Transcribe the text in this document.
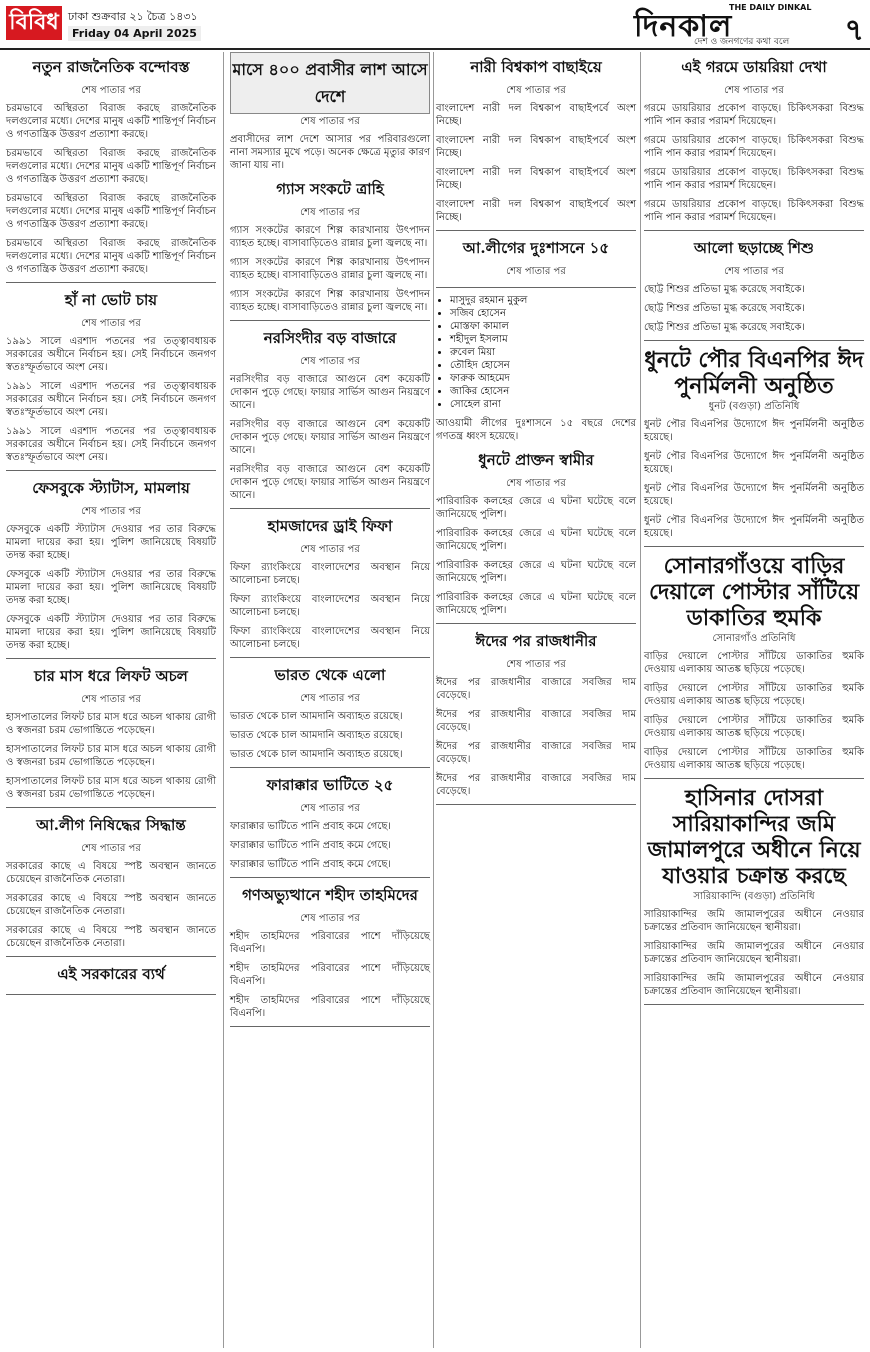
বিবিধ ঢাকা শুক্রবার ২১ চৈত্র ১৪৩১
Friday 04 April 2025	দিনকাল
THE DAILY DINKAL
দেশ ও জনগণের কথা বলে ৭
নতুন রাজনৈতিক বন্দোবস্ত
শেষ পাতার পর

চরমভাবে অস্থিরতা বিরাজ করছে রাজনৈতিক দলগুলোর মধ্যে। দেশের মানুষ একটি শান্তিপূর্ণ নির্বাচন ও গণতান্ত্রিক উত্তরণ প্রত্যাশা করছে।

চরমভাবে অস্থিরতা বিরাজ করছে রাজনৈতিক দলগুলোর মধ্যে। দেশের মানুষ একটি শান্তিপূর্ণ নির্বাচন ও গণতান্ত্রিক উত্তরণ প্রত্যাশা করছে।

চরমভাবে অস্থিরতা বিরাজ করছে রাজনৈতিক দলগুলোর মধ্যে। দেশের মানুষ একটি শান্তিপূর্ণ নির্বাচন ও গণতান্ত্রিক উত্তরণ প্রত্যাশা করছে।

চরমভাবে অস্থিরতা বিরাজ করছে রাজনৈতিক দলগুলোর মধ্যে। দেশের মানুষ একটি শান্তিপূর্ণ নির্বাচন ও গণতান্ত্রিক উত্তরণ প্রত্যাশা করছে।

হাঁ না ভোট চায়
শেষ পাতার পর

১৯৯১ সালে এরশাদ পতনের পর তত্ত্বাবধায়ক সরকারের অধীনে নির্বাচন হয়। সেই নির্বাচনে জনগণ স্বতঃস্ফূর্তভাবে অংশ নেয়।

১৯৯১ সালে এরশাদ পতনের পর তত্ত্বাবধায়ক সরকারের অধীনে নির্বাচন হয়। সেই নির্বাচনে জনগণ স্বতঃস্ফূর্তভাবে অংশ নেয়।

১৯৯১ সালে এরশাদ পতনের পর তত্ত্বাবধায়ক সরকারের অধীনে নির্বাচন হয়। সেই নির্বাচনে জনগণ স্বতঃস্ফূর্তভাবে অংশ নেয়।

ফেসবুকে স্ট্যাটাস, মামলায়
শেষ পাতার পর

ফেসবুকে একটি স্ট্যাটাস দেওয়ার পর তার বিরুদ্ধে মামলা দায়ের করা হয়। পুলিশ জানিয়েছে বিষয়টি তদন্ত করা হচ্ছে।

ফেসবুকে একটি স্ট্যাটাস দেওয়ার পর তার বিরুদ্ধে মামলা দায়ের করা হয়। পুলিশ জানিয়েছে বিষয়টি তদন্ত করা হচ্ছে।

ফেসবুকে একটি স্ট্যাটাস দেওয়ার পর তার বিরুদ্ধে মামলা দায়ের করা হয়। পুলিশ জানিয়েছে বিষয়টি তদন্ত করা হচ্ছে।

চার মাস ধরে লিফট অচল
শেষ পাতার পর

হাসপাতালের লিফট চার মাস ধরে অচল থাকায় রোগী ও স্বজনরা চরম ভোগান্তিতে পড়েছেন।

হাসপাতালের লিফট চার মাস ধরে অচল থাকায় রোগী ও স্বজনরা চরম ভোগান্তিতে পড়েছেন।

হাসপাতালের লিফট চার মাস ধরে অচল থাকায় রোগী ও স্বজনরা চরম ভোগান্তিতে পড়েছেন।

আ.লীগ নিষিদ্ধের সিদ্ধান্ত
শেষ পাতার পর

সরকারের কাছে এ বিষয়ে স্পষ্ট অবস্থান জানতে চেয়েছেন রাজনৈতিক নেতারা।

সরকারের কাছে এ বিষয়ে স্পষ্ট অবস্থান জানতে চেয়েছেন রাজনৈতিক নেতারা।

সরকারের কাছে এ বিষয়ে স্পষ্ট অবস্থান জানতে চেয়েছেন রাজনৈতিক নেতারা।

এই সরকারের ব্যর্থ
মাসে ৪০০ প্রবাসীর লাশ আসে দেশে
শেষ পাতার পর

প্রবাসীদের লাশ দেশে আসার পর পরিবারগুলো নানা সমস্যার মুখে পড়ে। অনেক ক্ষেত্রে মৃত্যুর কারণ জানা যায় না।

গ্যাস সংকটে ত্রাহি
শেষ পাতার পর

গ্যাস সংকটের কারণে শিল্প কারখানায় উৎপাদন ব্যাহত হচ্ছে। বাসাবাড়িতেও রান্নার চুলা জ্বলছে না।

গ্যাস সংকটের কারণে শিল্প কারখানায় উৎপাদন ব্যাহত হচ্ছে। বাসাবাড়িতেও রান্নার চুলা জ্বলছে না।

গ্যাস সংকটের কারণে শিল্প কারখানায় উৎপাদন ব্যাহত হচ্ছে। বাসাবাড়িতেও রান্নার চুলা জ্বলছে না।

নরসিংদীর বড় বাজারে
শেষ পাতার পর

নরসিংদীর বড় বাজারে আগুনে বেশ কয়েকটি দোকান পুড়ে গেছে। ফায়ার সার্ভিস আগুন নিয়ন্ত্রণে আনে।

নরসিংদীর বড় বাজারে আগুনে বেশ কয়েকটি দোকান পুড়ে গেছে। ফায়ার সার্ভিস আগুন নিয়ন্ত্রণে আনে।

নরসিংদীর বড় বাজারে আগুনে বেশ কয়েকটি দোকান পুড়ে গেছে। ফায়ার সার্ভিস আগুন নিয়ন্ত্রণে আনে।

হামজাদের ড্রাই ফিফা
শেষ পাতার পর

ফিফা র‍্যাংকিংয়ে বাংলাদেশের অবস্থান নিয়ে আলোচনা চলছে।

ফিফা র‍্যাংকিংয়ে বাংলাদেশের অবস্থান নিয়ে আলোচনা চলছে।

ফিফা র‍্যাংকিংয়ে বাংলাদেশের অবস্থান নিয়ে আলোচনা চলছে।

ভারত থেকে এলো
শেষ পাতার পর

ভারত থেকে চাল আমদানি অব্যাহত রয়েছে।

ভারত থেকে চাল আমদানি অব্যাহত রয়েছে।

ভারত থেকে চাল আমদানি অব্যাহত রয়েছে।

ফারাক্কার ভাটিতে ২৫
শেষ পাতার পর

ফারাক্কার ভাটিতে পানি প্রবাহ কমে গেছে।

ফারাক্কার ভাটিতে পানি প্রবাহ কমে গেছে।

ফারাক্কার ভাটিতে পানি প্রবাহ কমে গেছে।

গণঅভ্যুত্থানে শহীদ তাহমিদের
শেষ পাতার পর

শহীদ তাহমিদের পরিবারের পাশে দাঁড়িয়েছে বিএনপি।

শহীদ তাহমিদের পরিবারের পাশে দাঁড়িয়েছে বিএনপি।

শহীদ তাহমিদের পরিবারের পাশে দাঁড়িয়েছে বিএনপি।

নারী বিশ্বকাপ বাছাইয়ে
শেষ পাতার পর

বাংলাদেশ নারী দল বিশ্বকাপ বাছাইপর্বে অংশ নিচ্ছে।

বাংলাদেশ নারী দল বিশ্বকাপ বাছাইপর্বে অংশ নিচ্ছে।

বাংলাদেশ নারী দল বিশ্বকাপ বাছাইপর্বে অংশ নিচ্ছে।

বাংলাদেশ নারী দল বিশ্বকাপ বাছাইপর্বে অংশ নিচ্ছে।

আ.লীগের দুঃশাসনে ১৫
শেষ পাতার পর
• মাসুদুর রহমান মুকুল
• সজিব হোসেন
• মোস্তফা কামাল
• শহীদুল ইসলাম
• রুবেল মিয়া
• তৌহিদ হোসেন
• ফারুক আহমেদ
• জাকির হোসেন
• সোহেল রানা

আওয়ামী লীগের দুঃশাসনে ১৫ বছরে দেশের গণতন্ত্র ধ্বংস হয়েছে।

ধুনটে প্রাক্তন স্বামীর
শেষ পাতার পর

পারিবারিক কলহের জেরে এ ঘটনা ঘটেছে বলে জানিয়েছে পুলিশ।

পারিবারিক কলহের জেরে এ ঘটনা ঘটেছে বলে জানিয়েছে পুলিশ।

পারিবারিক কলহের জেরে এ ঘটনা ঘটেছে বলে জানিয়েছে পুলিশ।

পারিবারিক কলহের জেরে এ ঘটনা ঘটেছে বলে জানিয়েছে পুলিশ।

ঈদের পর রাজধানীর
শেষ পাতার পর

ঈদের পর রাজধানীর বাজারে সবজির দাম বেড়েছে।

ঈদের পর রাজধানীর বাজারে সবজির দাম বেড়েছে।

ঈদের পর রাজধানীর বাজারে সবজির দাম বেড়েছে।

ঈদের পর রাজধানীর বাজারে সবজির দাম বেড়েছে।

এই গরমে ডায়রিয়া দেখা
শেষ পাতার পর

গরমে ডায়রিয়ার প্রকোপ বাড়ছে। চিকিৎসকরা বিশুদ্ধ পানি পান করার পরামর্শ দিয়েছেন।

গরমে ডায়রিয়ার প্রকোপ বাড়ছে। চিকিৎসকরা বিশুদ্ধ পানি পান করার পরামর্শ দিয়েছেন।

গরমে ডায়রিয়ার প্রকোপ বাড়ছে। চিকিৎসকরা বিশুদ্ধ পানি পান করার পরামর্শ দিয়েছেন।

গরমে ডায়রিয়ার প্রকোপ বাড়ছে। চিকিৎসকরা বিশুদ্ধ পানি পান করার পরামর্শ দিয়েছেন।

আলো ছড়াচ্ছে শিশু
শেষ পাতার পর

ছোট্ট শিশুর প্রতিভা মুগ্ধ করেছে সবাইকে।

ছোট্ট শিশুর প্রতিভা মুগ্ধ করেছে সবাইকে।

ছোট্ট শিশুর প্রতিভা মুগ্ধ করেছে সবাইকে।

ধুনটে পৌর বিএনপির ঈদ পুনর্মিলনী অনুষ্ঠিত
ধুনট (বগুড়া) প্রতিনিধি

ধুনট পৌর বিএনপির উদ্যোগে ঈদ পুনর্মিলনী অনুষ্ঠিত হয়েছে।

ধুনট পৌর বিএনপির উদ্যোগে ঈদ পুনর্মিলনী অনুষ্ঠিত হয়েছে।

ধুনট পৌর বিএনপির উদ্যোগে ঈদ পুনর্মিলনী অনুষ্ঠিত হয়েছে।

ধুনট পৌর বিএনপির উদ্যোগে ঈদ পুনর্মিলনী অনুষ্ঠিত হয়েছে।

সোনারগাঁওয়ে বাড়ির দেয়ালে পোস্টার সাঁটিয়ে ডাকাতির হুমকি
সোনারগাঁও প্রতিনিধি

বাড়ির দেয়ালে পোস্টার সাঁটিয়ে ডাকাতির হুমকি দেওয়ায় এলাকায় আতঙ্ক ছড়িয়ে পড়েছে।

বাড়ির দেয়ালে পোস্টার সাঁটিয়ে ডাকাতির হুমকি দেওয়ায় এলাকায় আতঙ্ক ছড়িয়ে পড়েছে।

বাড়ির দেয়ালে পোস্টার সাঁটিয়ে ডাকাতির হুমকি দেওয়ায় এলাকায় আতঙ্ক ছড়িয়ে পড়েছে।

বাড়ির দেয়ালে পোস্টার সাঁটিয়ে ডাকাতির হুমকি দেওয়ায় এলাকায় আতঙ্ক ছড়িয়ে পড়েছে।

হাসিনার দোসরা সারিয়াকান্দির জমি জামালপুরে অধীনে নিয়ে যাওয়ার চক্রান্ত করছে
সারিয়াকান্দি (বগুড়া) প্রতিনিধি

সারিয়াকান্দির জমি জামালপুরের অধীনে নেওয়ার চক্রান্তের প্রতিবাদ জানিয়েছেন স্থানীয়রা।

সারিয়াকান্দির জমি জামালপুরের অধীনে নেওয়ার চক্রান্তের প্রতিবাদ জানিয়েছেন স্থানীয়রা।

সারিয়াকান্দির জমি জামালপুরের অধীনে নেওয়ার চক্রান্তের প্রতিবাদ জানিয়েছেন স্থানীয়রা।
